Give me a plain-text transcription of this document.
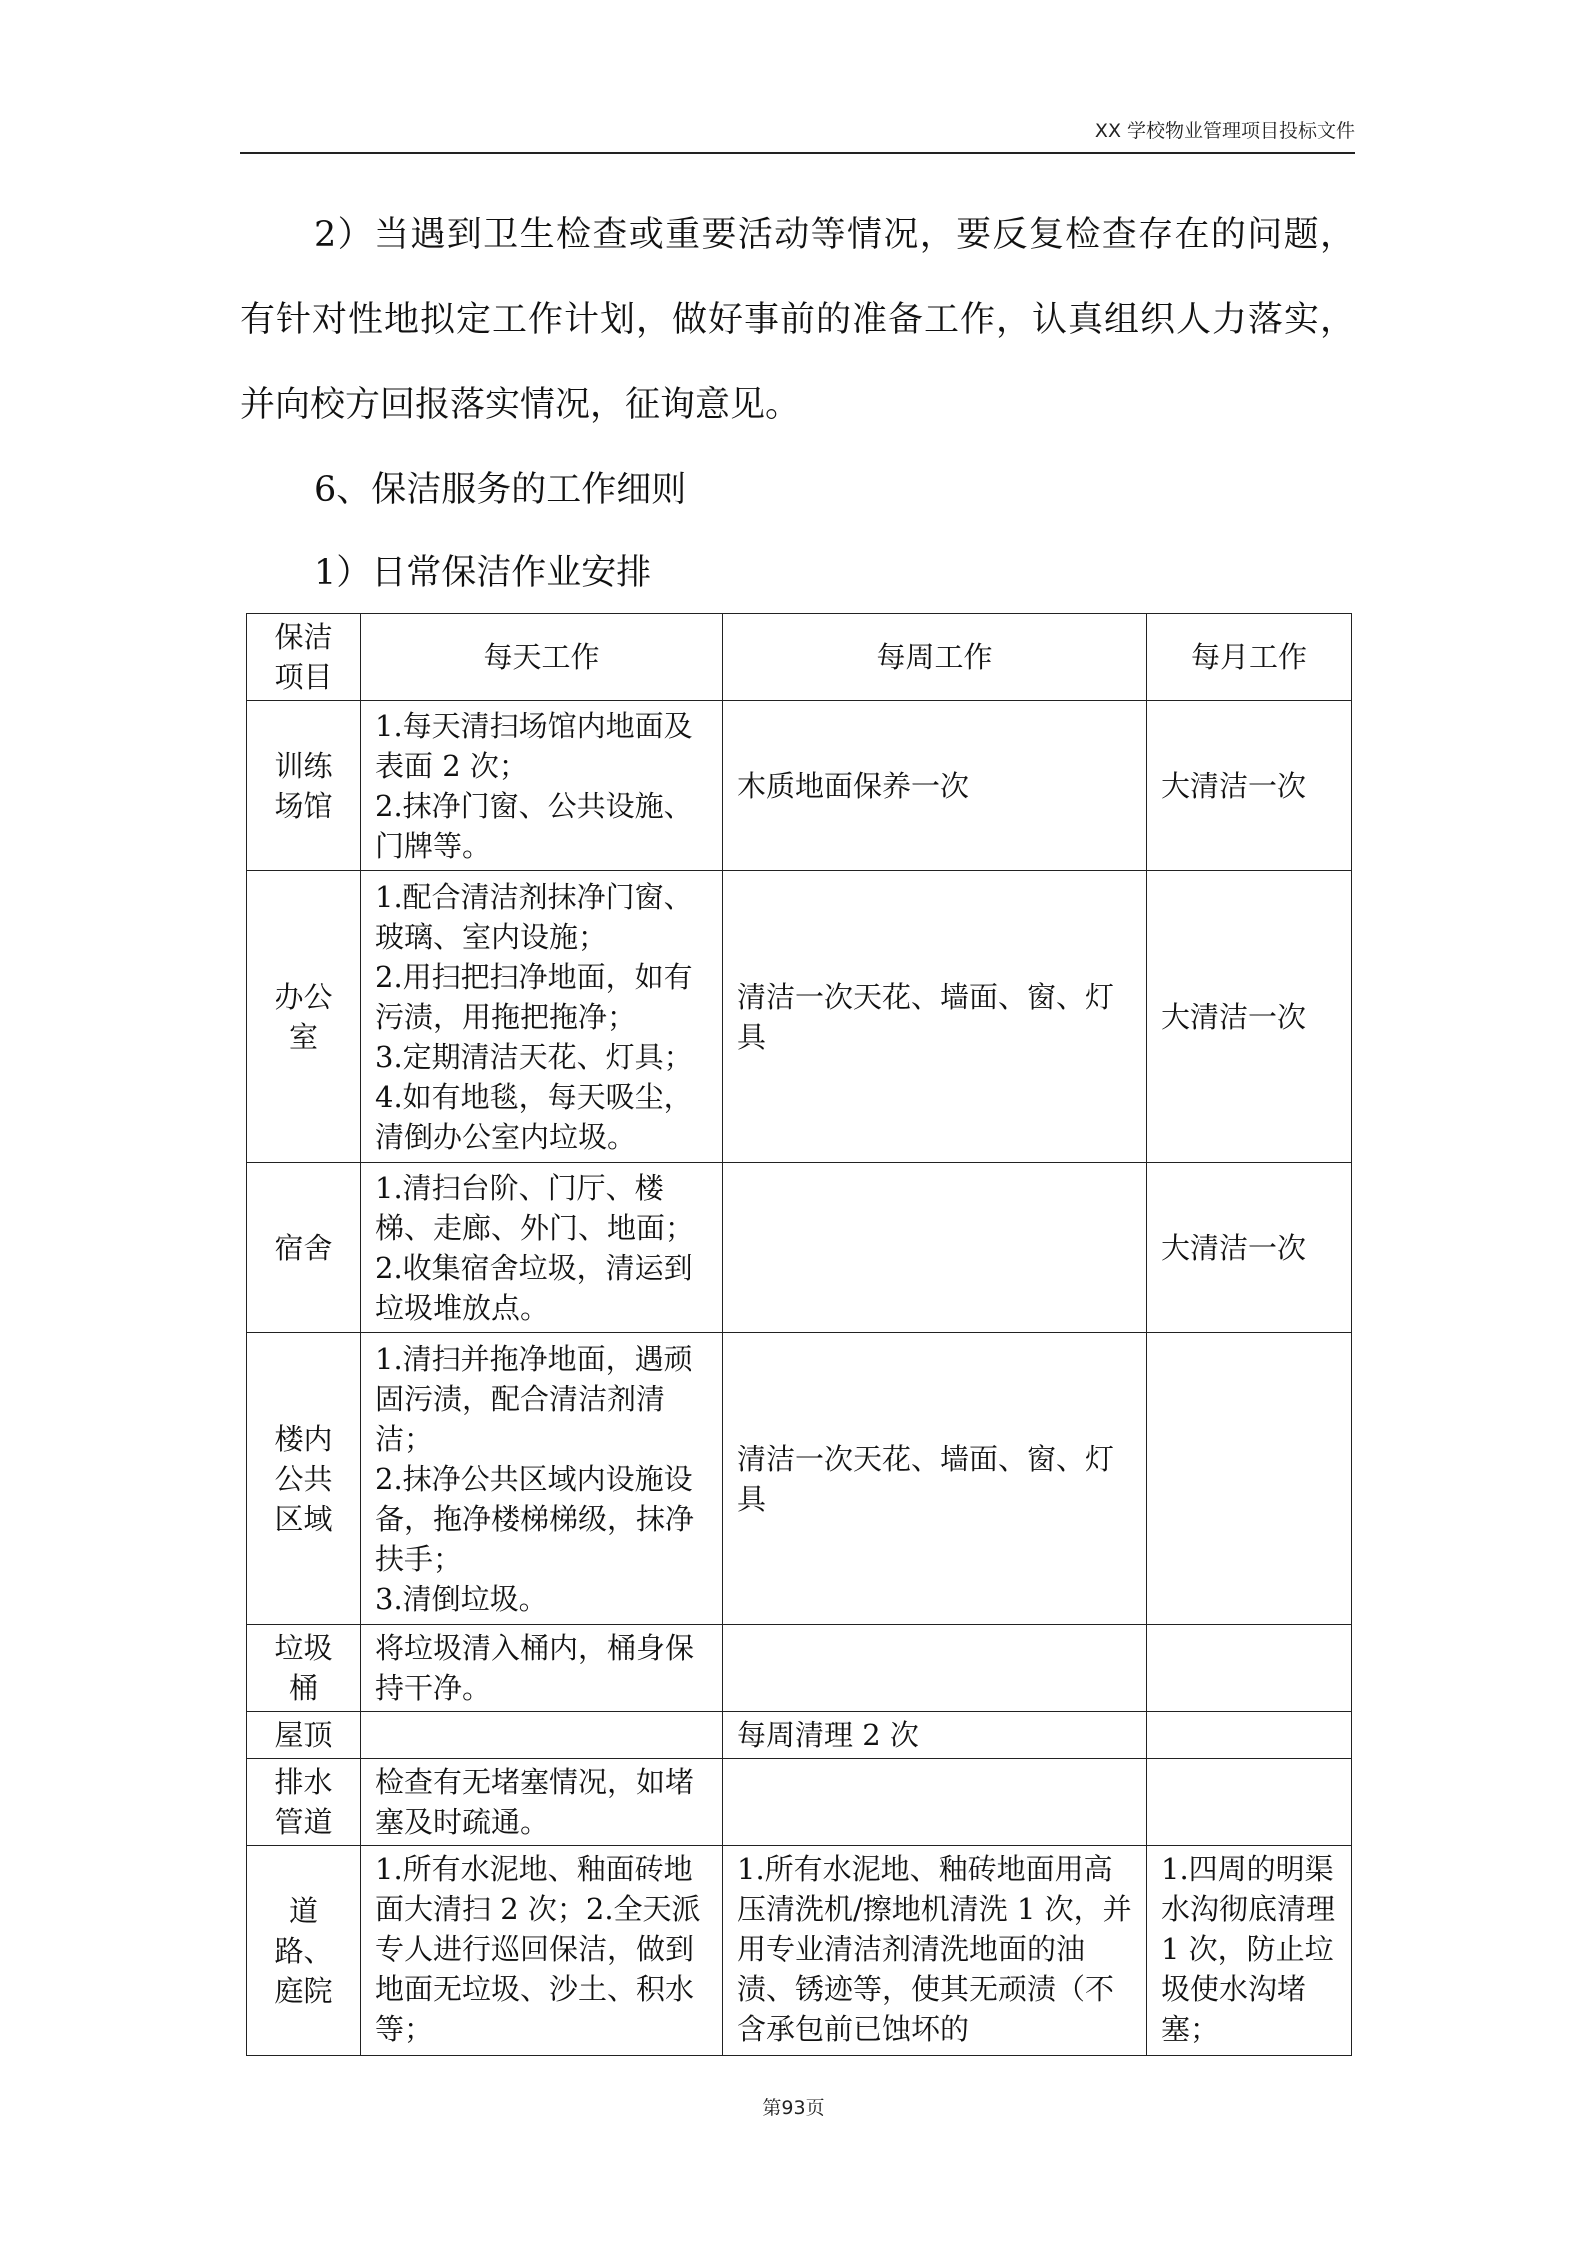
XX 学校物业管理项目投标文件
2）当遇到卫生检查或重要活动等情况，要反复检查存在的问题，
有针对性地拟定工作计划，做好事前的准备工作，认真组织人力落实，
并向校方回报落实情况，征询意见。
6、保洁服务的工作细则
1）日常保洁作业安排
保洁项目	每天工作	每周工作	每月工作
训练场馆	1.每天清扫场馆内地面及表面 2 次；
2.抹净门窗、公共设施、门牌等。	木质地面保养一次	大清洁一次

办公室	1.配合清洁剂抹净门窗、玻璃、室内设施；
2.用扫把扫净地面，如有污渍，用拖把拖净；
3.定期清洁天花、灯具；
4.如有地毯，每天吸尘，清倒办公室内垃圾。	清洁一次天花、墙面、窗、灯具	大清洁一次

宿舍	1.清扫台阶、门厅、楼梯、走廊、外门、地面；
2.收集宿舍垃圾，清运到垃圾堆放点。		大清洁一次

楼内公共区域	1.清扫并拖净地面，遇顽固污渍，配合清洁剂清洁；
2.抹净公共区域内设施设备，拖净楼梯梯级，抹净扶手；
3.清倒垃圾。	清洁一次天花、墙面、窗、灯具	

垃圾桶	将垃圾清入桶内，桶身保持干净。		

屋顶		每周清理 2 次	

排水管道	检查有无堵塞情况，如堵塞及时疏通。		

道路、庭院	1.所有水泥地、釉面砖地面大清扫 2 次；2.全天派专人进行巡回保洁，做到地面无垃圾、沙土、积水等；	1.所有水泥地、釉砖地面用高压清洗机/擦地机清洗 1 次，并用专业清洁剂清洗地面的油渍、锈迹等，使其无顽渍（不含承包前已蚀坏的	1.四周的明渠水沟彻底清理 1 次，防止垃圾使水沟堵塞；
第93页
